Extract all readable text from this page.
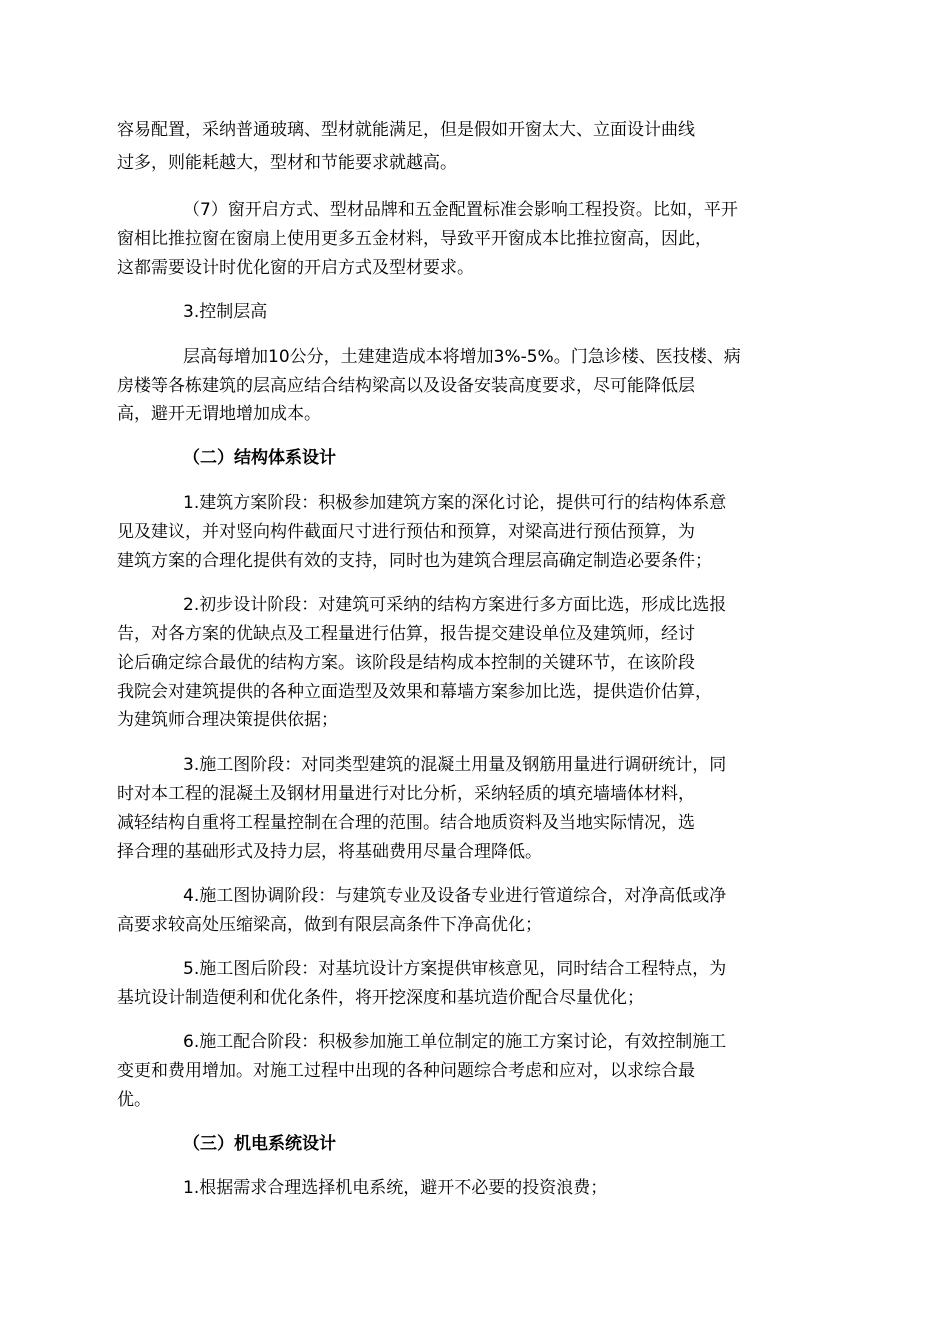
容易配置，采纳普通玻璃、型材就能满足，但是假如开窗太大、立面设计曲线
过多，则能耗越大，型材和节能要求就越高。
（7）窗开启方式、型材品牌和五金配置标准会影响工程投资。比如，平开
窗相比推拉窗在窗扇上使用更多五金材料，导致平开窗成本比推拉窗高，因此，
这都需要设计时优化窗的开启方式及型材要求。
3.控制层高
层高每增加10公分，土建建造成本将增加3%-5%。门急诊楼、医技楼、病
房楼等各栋建筑的层高应结合结构梁高以及设备安装高度要求，尽可能降低层
高，避开无谓地增加成本。
（二）结构体系设计
1.建筑方案阶段：积极参加建筑方案的深化讨论，提供可行的结构体系意
见及建议，并对竖向构件截面尺寸进行预估和预算，对梁高进行预估预算，为
建筑方案的合理化提供有效的支持，同时也为建筑合理层高确定制造必要条件；
2.初步设计阶段：对建筑可采纳的结构方案进行多方面比选，形成比选报
告，对各方案的优缺点及工程量进行估算，报告提交建设单位及建筑师，经讨
论后确定综合最优的结构方案。该阶段是结构成本控制的关键环节，在该阶段
我院会对建筑提供的各种立面造型及效果和幕墙方案参加比选，提供造价估算，
为建筑师合理决策提供依据；
3.施工图阶段：对同类型建筑的混凝土用量及钢筋用量进行调研统计，同
时对本工程的混凝土及钢材用量进行对比分析，采纳轻质的填充墙墙体材料，
减轻结构自重将工程量控制在合理的范围。结合地质资料及当地实际情况，选
择合理的基础形式及持力层，将基础费用尽量合理降低。
4.施工图协调阶段：与建筑专业及设备专业进行管道综合，对净高低或净
高要求较高处压缩梁高，做到有限层高条件下净高优化；
5.施工图后阶段：对基坑设计方案提供审核意见，同时结合工程特点，为
基坑设计制造便利和优化条件，将开挖深度和基坑造价配合尽量优化；
6.施工配合阶段：积极参加施工单位制定的施工方案讨论，有效控制施工
变更和费用增加。对施工过程中出现的各种问题综合考虑和应对，以求综合最
优。
（三）机电系统设计
1.根据需求合理选择机电系统，避开不必要的投资浪费；
